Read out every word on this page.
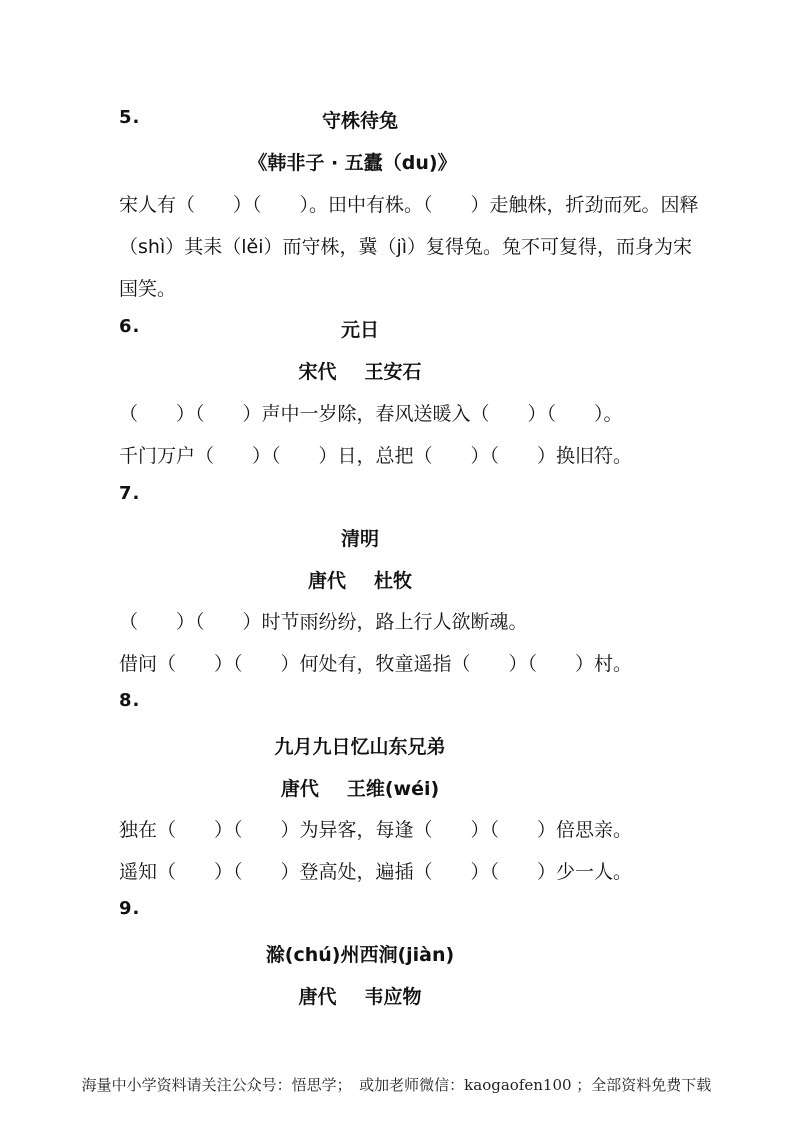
5.	守株待兔
《韩非子 · 五蠹（du)》
宋人有（　　）（　　）。田中有株。（　　）走触株，折劲而死。因释
（shì）其耒（lěi）而守株，冀（jì）复得兔。兔不可复得，而身为宋
国笑。
6.	元日
宋代 王安石
（　　）（　　）声中一岁除，春风送暖入（　　）（　　）。
千门万户（　　）（　　）日，总把（　　）（　　）换旧符。
7.
清明
唐代 杜牧
（　　）（　　）时节雨纷纷，路上行人欲断魂。
借问（　　）（　　）何处有，牧童遥指（　　）（　　）村。
8.
九月九日忆山东兄弟
唐代 王维(wéi)
独在（　　）（　　）为异客，每逢（　　）（　　）倍思亲。
遥知（　　）（　　）登高处，遍插（　　）（　　）少一人。
9.
滁(chú)州西涧(jiàn)
唐代 韦应物
海量中小学资料请关注公众号：悟思学；　或加老师微信：kaogaofen100 ；全部资料免费下载
